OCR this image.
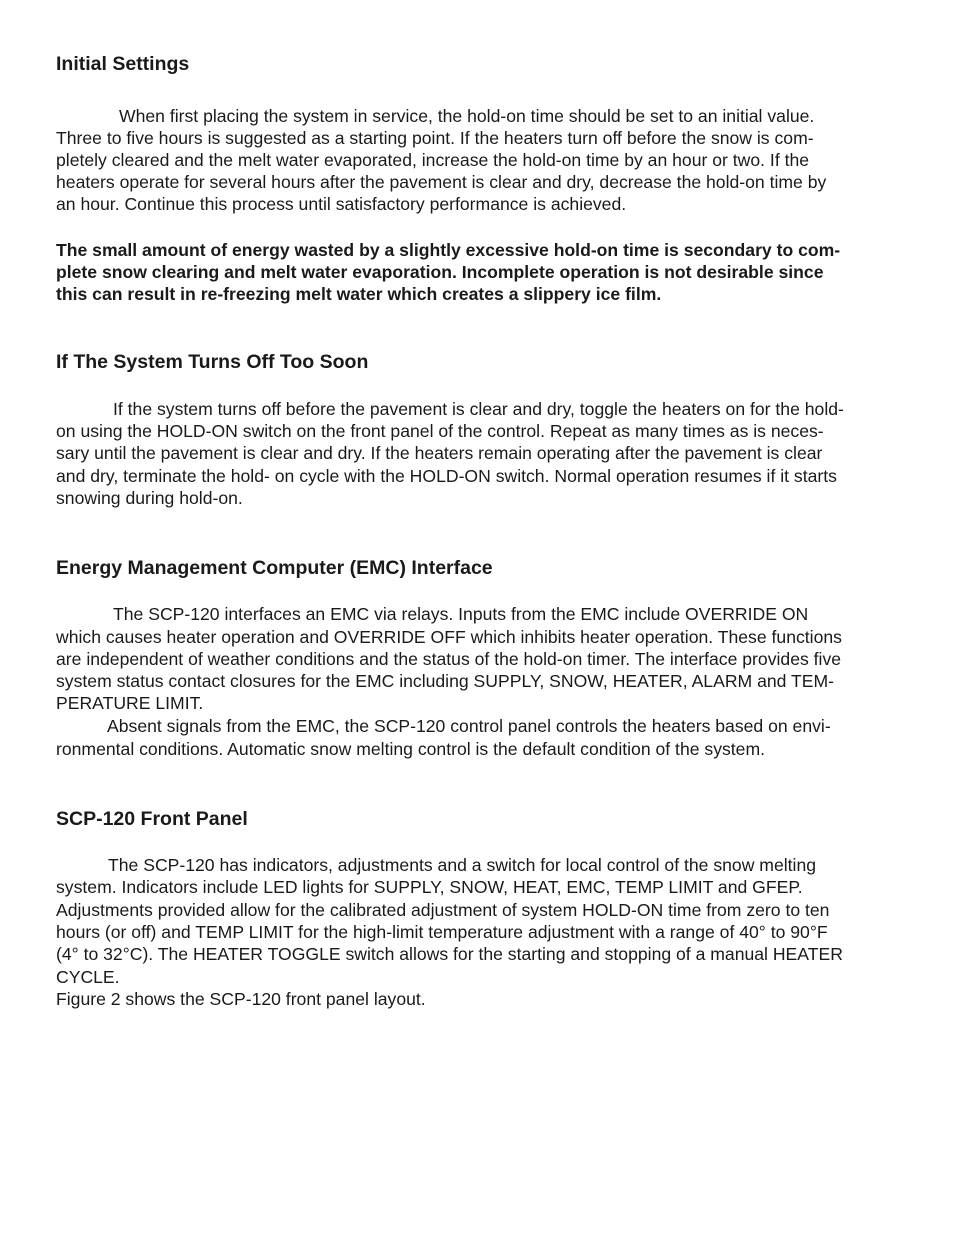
Initial Settings
When first placing the system in service, the hold-on time should be set to an initial value.
Three to five hours is suggested as a starting point. If the heaters turn off before the snow is com-
pletely cleared and the melt water evaporated, increase the hold-on time by an hour or two. If the
heaters operate for several hours after the pavement is clear and dry, decrease the hold-on time by
an hour. Continue this process until satisfactory performance is achieved.
The small amount of energy wasted by a slightly excessive hold-on time is secondary to com-
plete snow clearing and melt water evaporation. Incomplete operation is not desirable since
this can result in re-freezing melt water which creates a slippery ice film.
If The System Turns Off Too Soon
If the system turns off before the pavement is clear and dry, toggle the heaters on for the hold-
on using the HOLD-ON switch on the front panel of the control. Repeat as many times as is neces-
sary until the pavement is clear and dry. If the heaters remain operating after the pavement is clear
and dry, terminate the hold- on cycle with the HOLD-ON switch. Normal operation resumes if it starts
snowing during hold-on.
Energy Management Computer (EMC) Interface
The SCP-120 interfaces an EMC via relays. Inputs from the EMC include OVERRIDE ON
which causes heater operation and OVERRIDE OFF which inhibits heater operation. These functions
are independent of weather conditions and the status of the hold-on timer. The interface provides five
system status contact closures for the EMC including SUPPLY, SNOW, HEATER, ALARM and TEM-
PERATURE LIMIT.
Absent signals from the EMC, the SCP-120 control panel controls the heaters based on envi-
ronmental conditions. Automatic snow melting control is the default condition of the system.
SCP-120 Front Panel
The SCP-120 has indicators, adjustments and a switch for local control of the snow melting
system. Indicators include LED lights for SUPPLY, SNOW, HEAT, EMC, TEMP LIMIT and GFEP.
Adjustments provided allow for the calibrated adjustment of system HOLD-ON time from zero to ten
hours (or off) and TEMP LIMIT for the high-limit temperature adjustment with a range of 40° to 90°F
(4° to 32°C). The HEATER TOGGLE switch allows for the starting and stopping of a manual HEATER
CYCLE.
Figure 2 shows the SCP-120 front panel layout.
